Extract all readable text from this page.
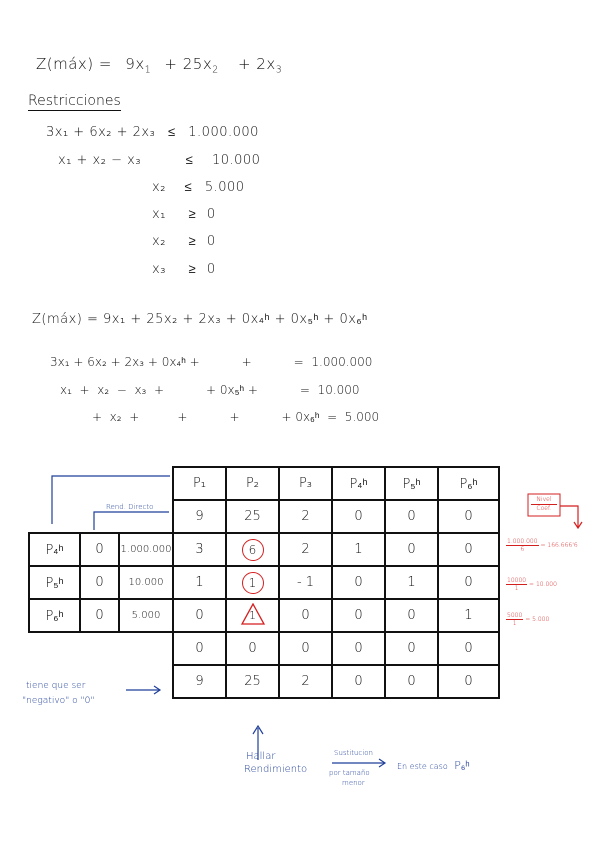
Z(máx) = $9x_1 + 25x_2 + 2x_3$
Restricciones
3x₁ + 6x₂ + 2x₃ ≤ 1.000.000
x₁ + x₂ − x₃	≤ 10.000
x₂ ≤ 5.000
x₁ ≥ 0
x₂ ≥ 0
x₃ ≥ 0
Z(máx) = 9x₁ + 25x₂ + 2x₃ + 0x₄ʰ + 0x₅ʰ + 0x₆ʰ
3x₁ + 6x₂ + 2x₃ + 0x₄ʰ +           +           =  1.000.000
x₁  +  x₂  −  x₃  +           + 0x₅ʰ +           =  10.000
+  x₂  +          +           +           + 0x₆ʰ  =  5.000
			P₁	P₂	P₃	P₄ʰ	P₅ʰ	P₆ʰ
			9	25	2	0	0	0
P₄ʰ	0	1.000.000	3	6	2	1	0	0
P₅ʰ	0	10.000	1	1	- 1	0	1	0
P₆ʰ	0	5.000	0	1	0	0	0	1
			0	0	0	0	0	0
			9	25	2	0	0	0
Rend. Directo
tiene que ser
"negativo" o "0"
Hallar
Rendimiento
Sustitucion
por tamaño
menor
En este caso P₆ʰ
Nivel
Coef.
$\frac{1.000.000}{6} = 166.666'6$
$\frac{10000}{1} = 10.000$
$\frac{5000}{1} = 5.000$
